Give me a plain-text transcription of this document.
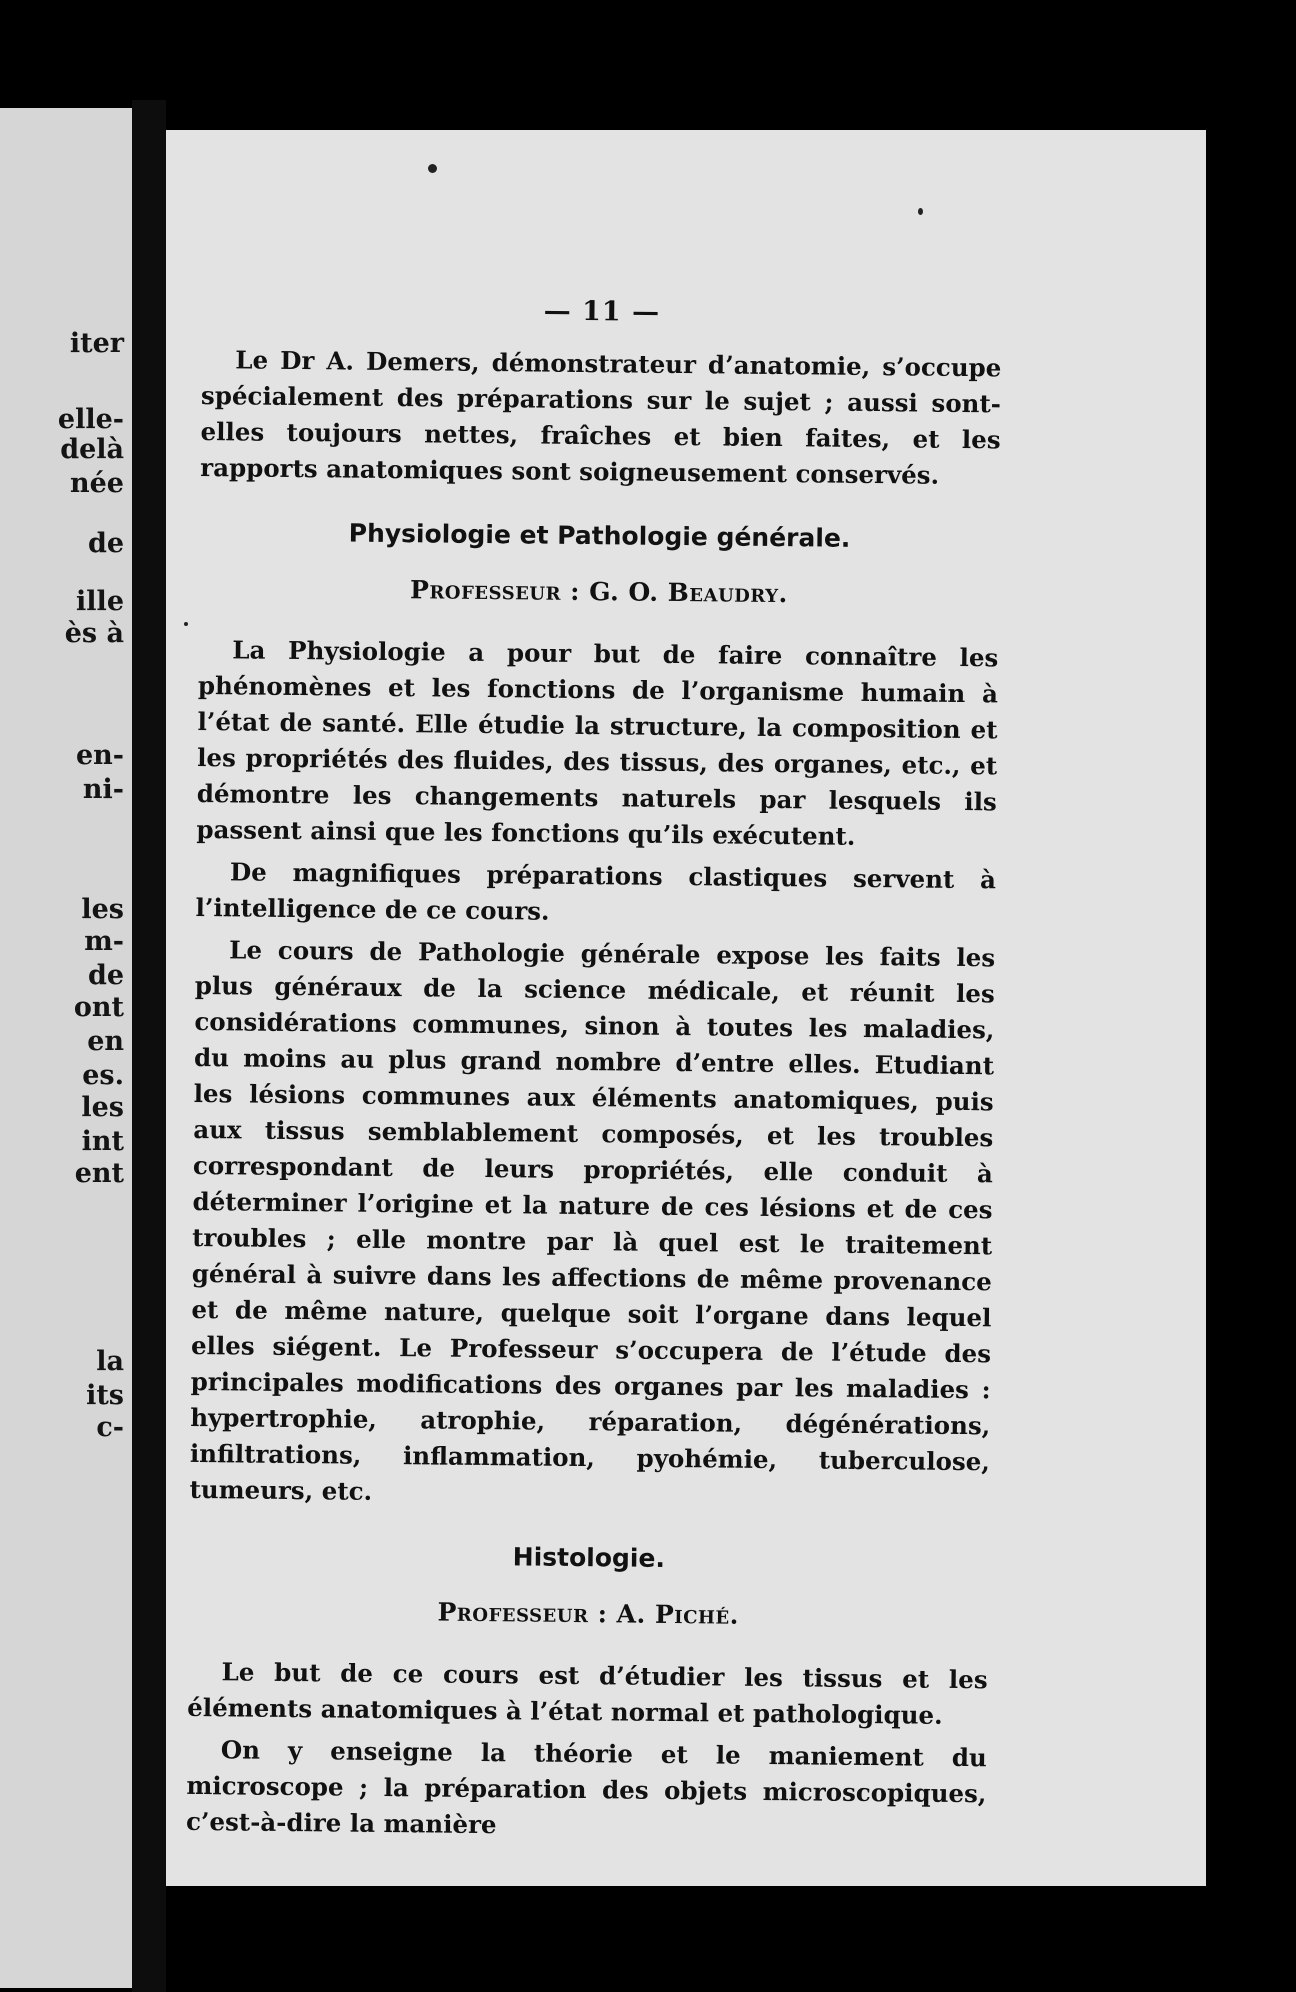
iter
elle-
delà
née
de
ille
ès à
en-
ni-
les
m-
de
ont
en
es.
les
int
ent
la
its
c-
— 11 —

Le Dr A. Demers, démonstrateur d’anatomie, s’occupe spécialement des préparations sur le sujet ; aussi sont-elles toujours nettes, fraîches et bien faites, et les rapports anatomiques sont soigneusement conservés.

Physiologie et Pathologie générale.
Professeur : G. O. Beaudry.

La Physiologie a pour but de faire connaître les phénomènes et les fonctions de l’organisme humain à l’état de santé. Elle étudie la structure, la composition et les propriétés des fluides, des tissus, des organes, etc., et démontre les changements naturels par lesquels ils passent ainsi que les fonctions qu’ils exécutent.

De magnifiques préparations clastiques servent à l’intelligence de ce cours.

Le cours de Pathologie générale expose les faits les plus généraux de la science médicale, et réunit les considérations communes, sinon à toutes les maladies, du moins au plus grand nombre d’entre elles. Etudiant les lésions communes aux éléments anatomiques, puis aux tissus semblablement composés, et les troubles correspondant de leurs propriétés, elle conduit à déterminer l’origine et la nature de ces lésions et de ces troubles ; elle montre par là quel est le traitement général à suivre dans les affections de même provenance et de même nature, quelque soit l’organe dans lequel elles siégent. Le Professeur s’occupera de l’étude des principales modifications des organes par les maladies : hypertrophie, atrophie, réparation, dégénérations, infiltrations, inflammation, pyohémie, tuberculose, tumeurs, etc.

Histologie.
Professeur : A. Piché.

Le but de ce cours est d’étudier les tissus et les éléments anatomiques à l’état normal et pathologique.

On y enseigne la théorie et le maniement du microscope ; la préparation des objets microscopiques, c’est-à-dire la manière
